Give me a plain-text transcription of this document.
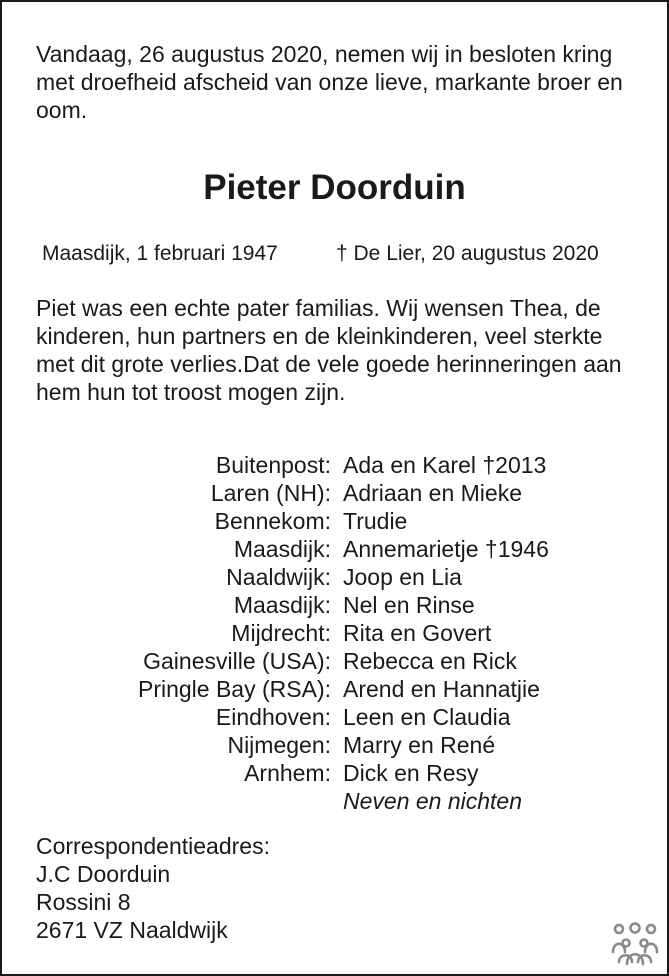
Vandaag, 26 augustus 2020, nemen wij in besloten kring met droefheid afscheid van onze lieve, markante broer en oom.

Pieter Doorduin
Maasdijk, 1 februari 1947	† De Lier, 20 augustus 2020

Piet was een echte pater familias. Wij wensen Thea, de kinderen, hun partners en de kleinkinderen, veel sterkte met dit grote verlies.Dat de vele goede herinneringen aan hem hun tot troost mogen zijn.

Buitenpost: Ada en Karel †2013
Laren (NH): Adriaan en Mieke
Bennekom: Trudie
Maasdijk: Annemarietje †1946
Naaldwijk: Joop en Lia
Maasdijk: Nel en Rinse
Mijdrecht: Rita en Govert
Gainesville (USA): Rebecca en Rick
Pringle Bay (RSA): Arend en Hannatjie
Eindhoven: Leen en Claudia
Nijmegen: Marry en René
Arnhem: Dick en Resy
Neven en nichten
Correspondentieadres:
J.C Doorduin
Rossini 8
2671 VZ Naaldwijk
